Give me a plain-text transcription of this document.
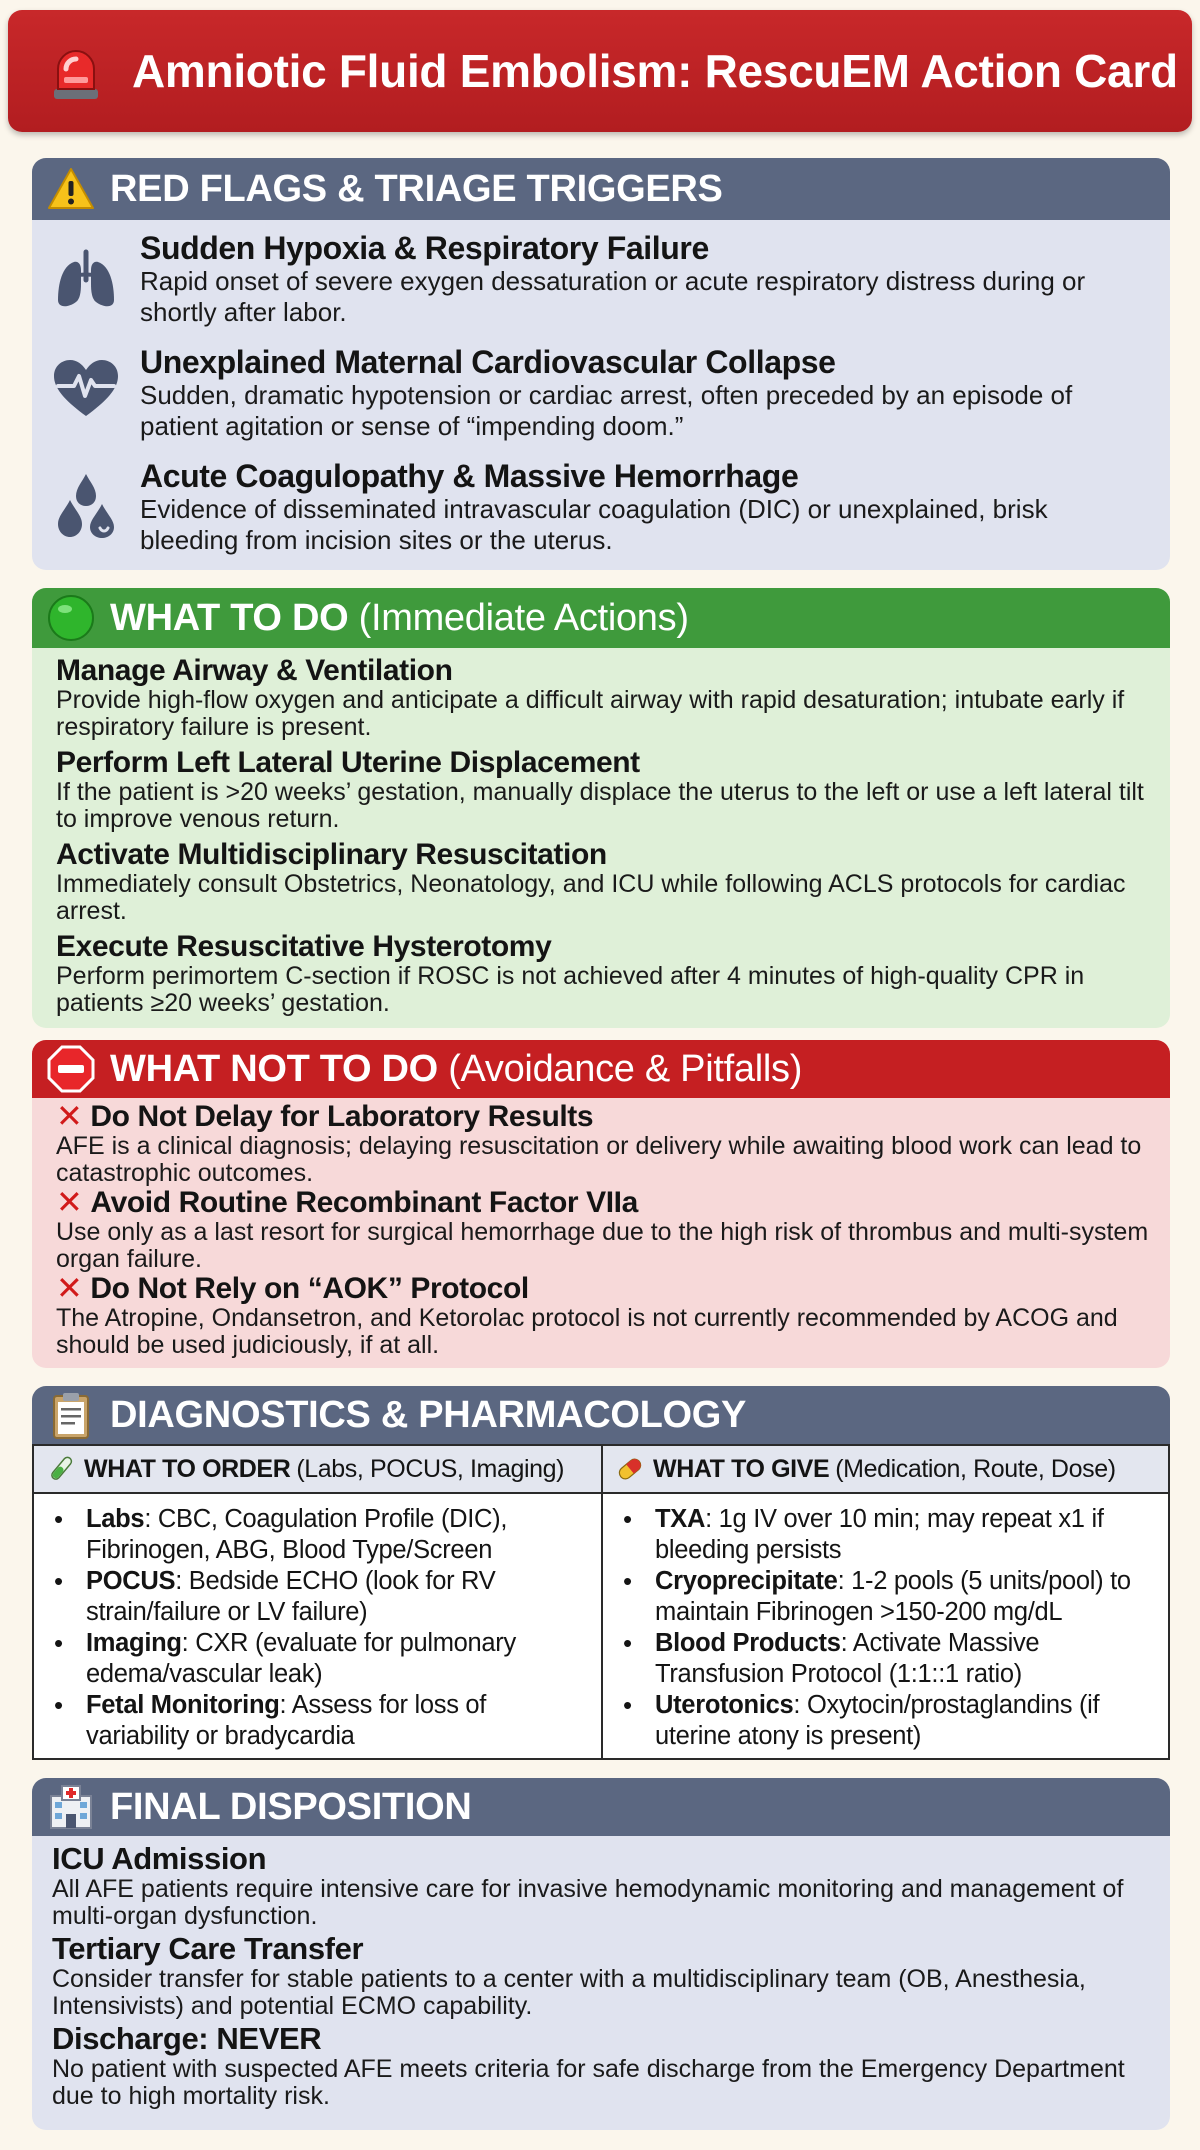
Amniotic Fluid Embolism: RescuEM Action Card
RED FLAGS & TRIAGE TRIGGERS
Sudden Hypoxia & Respiratory Failure
Rapid onset of severe exygen dessaturation or acute respiratory distress during or shortly after labor.
Unexplained Maternal Cardiovascular Collapse
Sudden, dramatic hypotension or cardiac arrest, often preceded by an episode of patient agitation or sense of “impending doom.”
Acute Coagulopathy & Massive Hemorrhage
Evidence of disseminated intravascular coagulation (DIC) or unexplained, brisk bleeding from incision sites or the uterus.
WHAT TO DO (Immediate Actions)
Manage Airway & Ventilation
Provide high-flow oxygen and anticipate a difficult airway with rapid desaturation; intubate early if respiratory failure is present.
Perform Left Lateral Uterine Displacement
If the patient is >20 weeks’ gestation, manually displace the uterus to the left or use a left lateral tilt to improve venous return.
Activate Multidisciplinary Resuscitation
Immediately consult Obstetrics, Neonatology, and ICU while following ACLS protocols for cardiac arrest.
Execute Resuscitative Hysterotomy
Perform perimortem C-section if ROSC is not achieved after 4 minutes of high-quality CPR in patients ≥20 weeks’ gestation.
WHAT NOT TO DO (Avoidance & Pitfalls)
✕ Do Not Delay for Laboratory Results
AFE is a clinical diagnosis; delaying resuscitation or delivery while awaiting blood work can lead to catastrophic outcomes.
✕ Avoid Routine Recombinant Factor VIIa
Use only as a last resort for surgical hemorrhage due to the high risk of thrombus and multi-system organ failure.
✕ Do Not Rely on “AOK” Protocol
The Atropine, Ondansetron, and Ketorolac protocol is not currently recommended by ACOG and should be used judiciously, if at all.
DIAGNOSTICS & PHARMACOLOGY
WHAT TO ORDER (Labs, POCUS, Imaging)
• Labs: CBC, Coagulation Profile (DIC), Fibrinogen, ABG, Blood Type/Screen
• POCUS: Bedside ECHO (look for RV strain/failure or LV failure)
• Imaging: CXR (evaluate for pulmonary edema/vascular leak)
• Fetal Monitoring: Assess for loss of variability or bradycardia
WHAT TO GIVE (Medication, Route, Dose)
• TXA: 1g IV over 10 min; may repeat x1 if bleeding persists
• Cryoprecipitate: 1-2 pools (5 units/pool) to maintain Fibrinogen >150-200 mg/dL
• Blood Products: Activate Massive Transfusion Protocol (1:1::1 ratio)
• Uterotonics: Oxytocin/prostaglandins (if uterine atony is present)
FINAL DISPOSITION
ICU Admission
All AFE patients require intensive care for invasive hemodynamic monitoring and management of multi-organ dysfunction.
Tertiary Care Transfer
Consider transfer for stable patients to a center with a multidisciplinary team (OB, Anesthesia, Intensivists) and potential ECMO capability.
Discharge: NEVER
No patient with suspected AFE meets criteria for safe discharge from the Emergency Department due to high mortality risk.
